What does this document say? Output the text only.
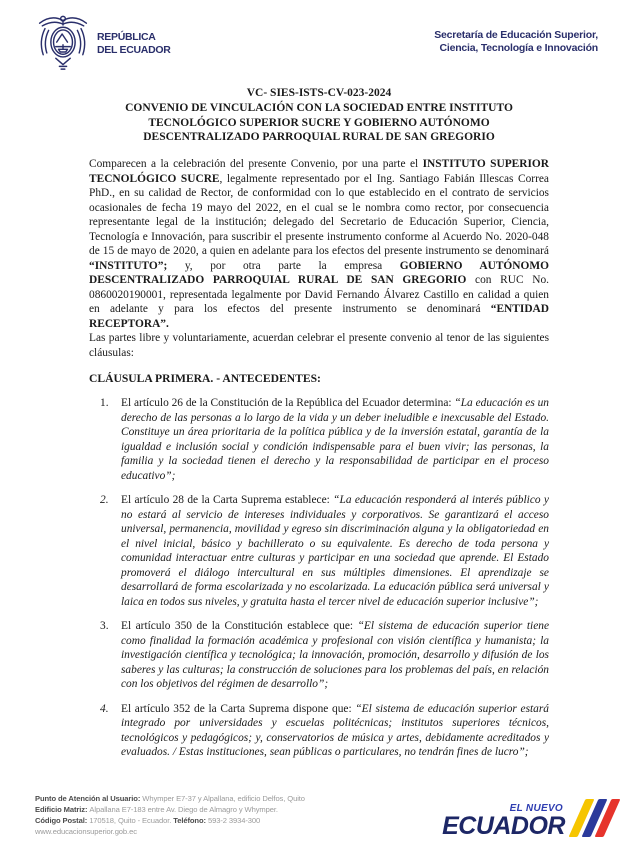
REPÚBLICA
DEL ECUADOR
Secretaría de Educación Superior,
Ciencia, Tecnología e Innovación
VC- SIES-ISTS-CV-023-2024
CONVENIO DE VINCULACIÓN CON LA SOCIEDAD ENTRE INSTITUTO
TECNOLÓGICO SUPERIOR SUCRE Y GOBIERNO AUTÓNOMO
DESCENTRALIZADO PARROQUIAL RURAL DE SAN GREGORIO

Comparecen a la celebración del presente Convenio, por una parte el INSTITUTO SUPERIOR TECNOLÓGICO SUCRE, legalmente representado por el Ing. Santiago Fabián Illescas Correa PhD., en su calidad de Rector, de conformidad con lo que establecido en el contrato de servicios ocasionales de fecha 19 mayo del 2022, en el cual se le nombra como rector, por consecuencia representante legal de la institución; delegado del Secretario de Educación Superior, Ciencia, Tecnología e Innovación, para suscribir el presente instrumento conforme al Acuerdo No. 2020-048 de 15 de mayo de 2020, a quien en adelante para los efectos del presente instrumento se denominará “INSTITUTO”; y, por otra parte la empresa GOBIERNO AUTÓNOMO DESCENTRALIZADO PARROQUIAL RURAL DE SAN GREGORIO con RUC No. 0860020190001, representada legalmente por David Fernando Álvarez Castillo en calidad a quien en adelante y para los efectos del presente instrumento se denominará “ENTIDAD RECEPTORA”.

Las partes libre y voluntariamente, acuerdan celebrar el presente convenio al tenor de las siguientes cláusulas:

CLÁUSULA PRIMERA. - ANTECEDENTES:

1.	El artículo 26 de la Constitución de la República del Ecuador determina: “La educación es un derecho de las personas a lo largo de la vida y un deber ineludible e inexcusable del Estado. Constituye un área prioritaria de la política pública y de la inversión estatal, garantía de la igualdad e inclusión social y condición indispensable para el buen vivir; las personas, la familia y la sociedad tienen el derecho y la responsabilidad de participar en el proceso educativo”;
2.	El artículo 28 de la Carta Suprema establece: “La educación responderá al interés público y no estará al servicio de intereses individuales y corporativos. Se garantizará el acceso universal, permanencia, movilidad y egreso sin discriminación alguna y la obligatoriedad en el nivel inicial, básico y bachillerato o su equivalente. Es derecho de toda persona y comunidad interactuar entre culturas y participar en una sociedad que aprende. El Estado promoverá el diálogo intercultural en sus múltiples dimensiones. El aprendizaje se desarrollará de forma escolarizada y no escolarizada. La educación pública será universal y laica en todos sus niveles, y gratuita hasta el tercer nivel de educación superior inclusive”;
3.	El artículo 350 de la Constitución establece que: “El sistema de educación superior tiene como finalidad la formación académica y profesional con visión científica y humanista; la investigación científica y tecnológica; la innovación, promoción, desarrollo y difusión de los saberes y las culturas; la construcción de soluciones para los problemas del país, en relación con los objetivos del régimen de desarrollo”;
4.	El artículo 352 de la Carta Suprema dispone que: “El sistema de educación superior estará integrado por universidades y escuelas politécnicas; institutos superiores técnicos, tecnológicos y pedagógicos; y, conservatorios de música y artes, debidamente acreditados y evaluados. / Estas instituciones, sean públicas o particulares, no tendrán fines de lucro”;
Punto de Atención al Usuario: Whymper E7-37 y Alpallana, edificio Delfos, Quito
Edificio Matriz: Alpallana E7-183 entre Av. Diego de Almagro y Whymper.
Código Postal: 170518, Quito - Ecuador. Teléfono: 593-2 3934-300
www.educacionsuperior.gob.ec
EL NUEVO
ECUADOR
